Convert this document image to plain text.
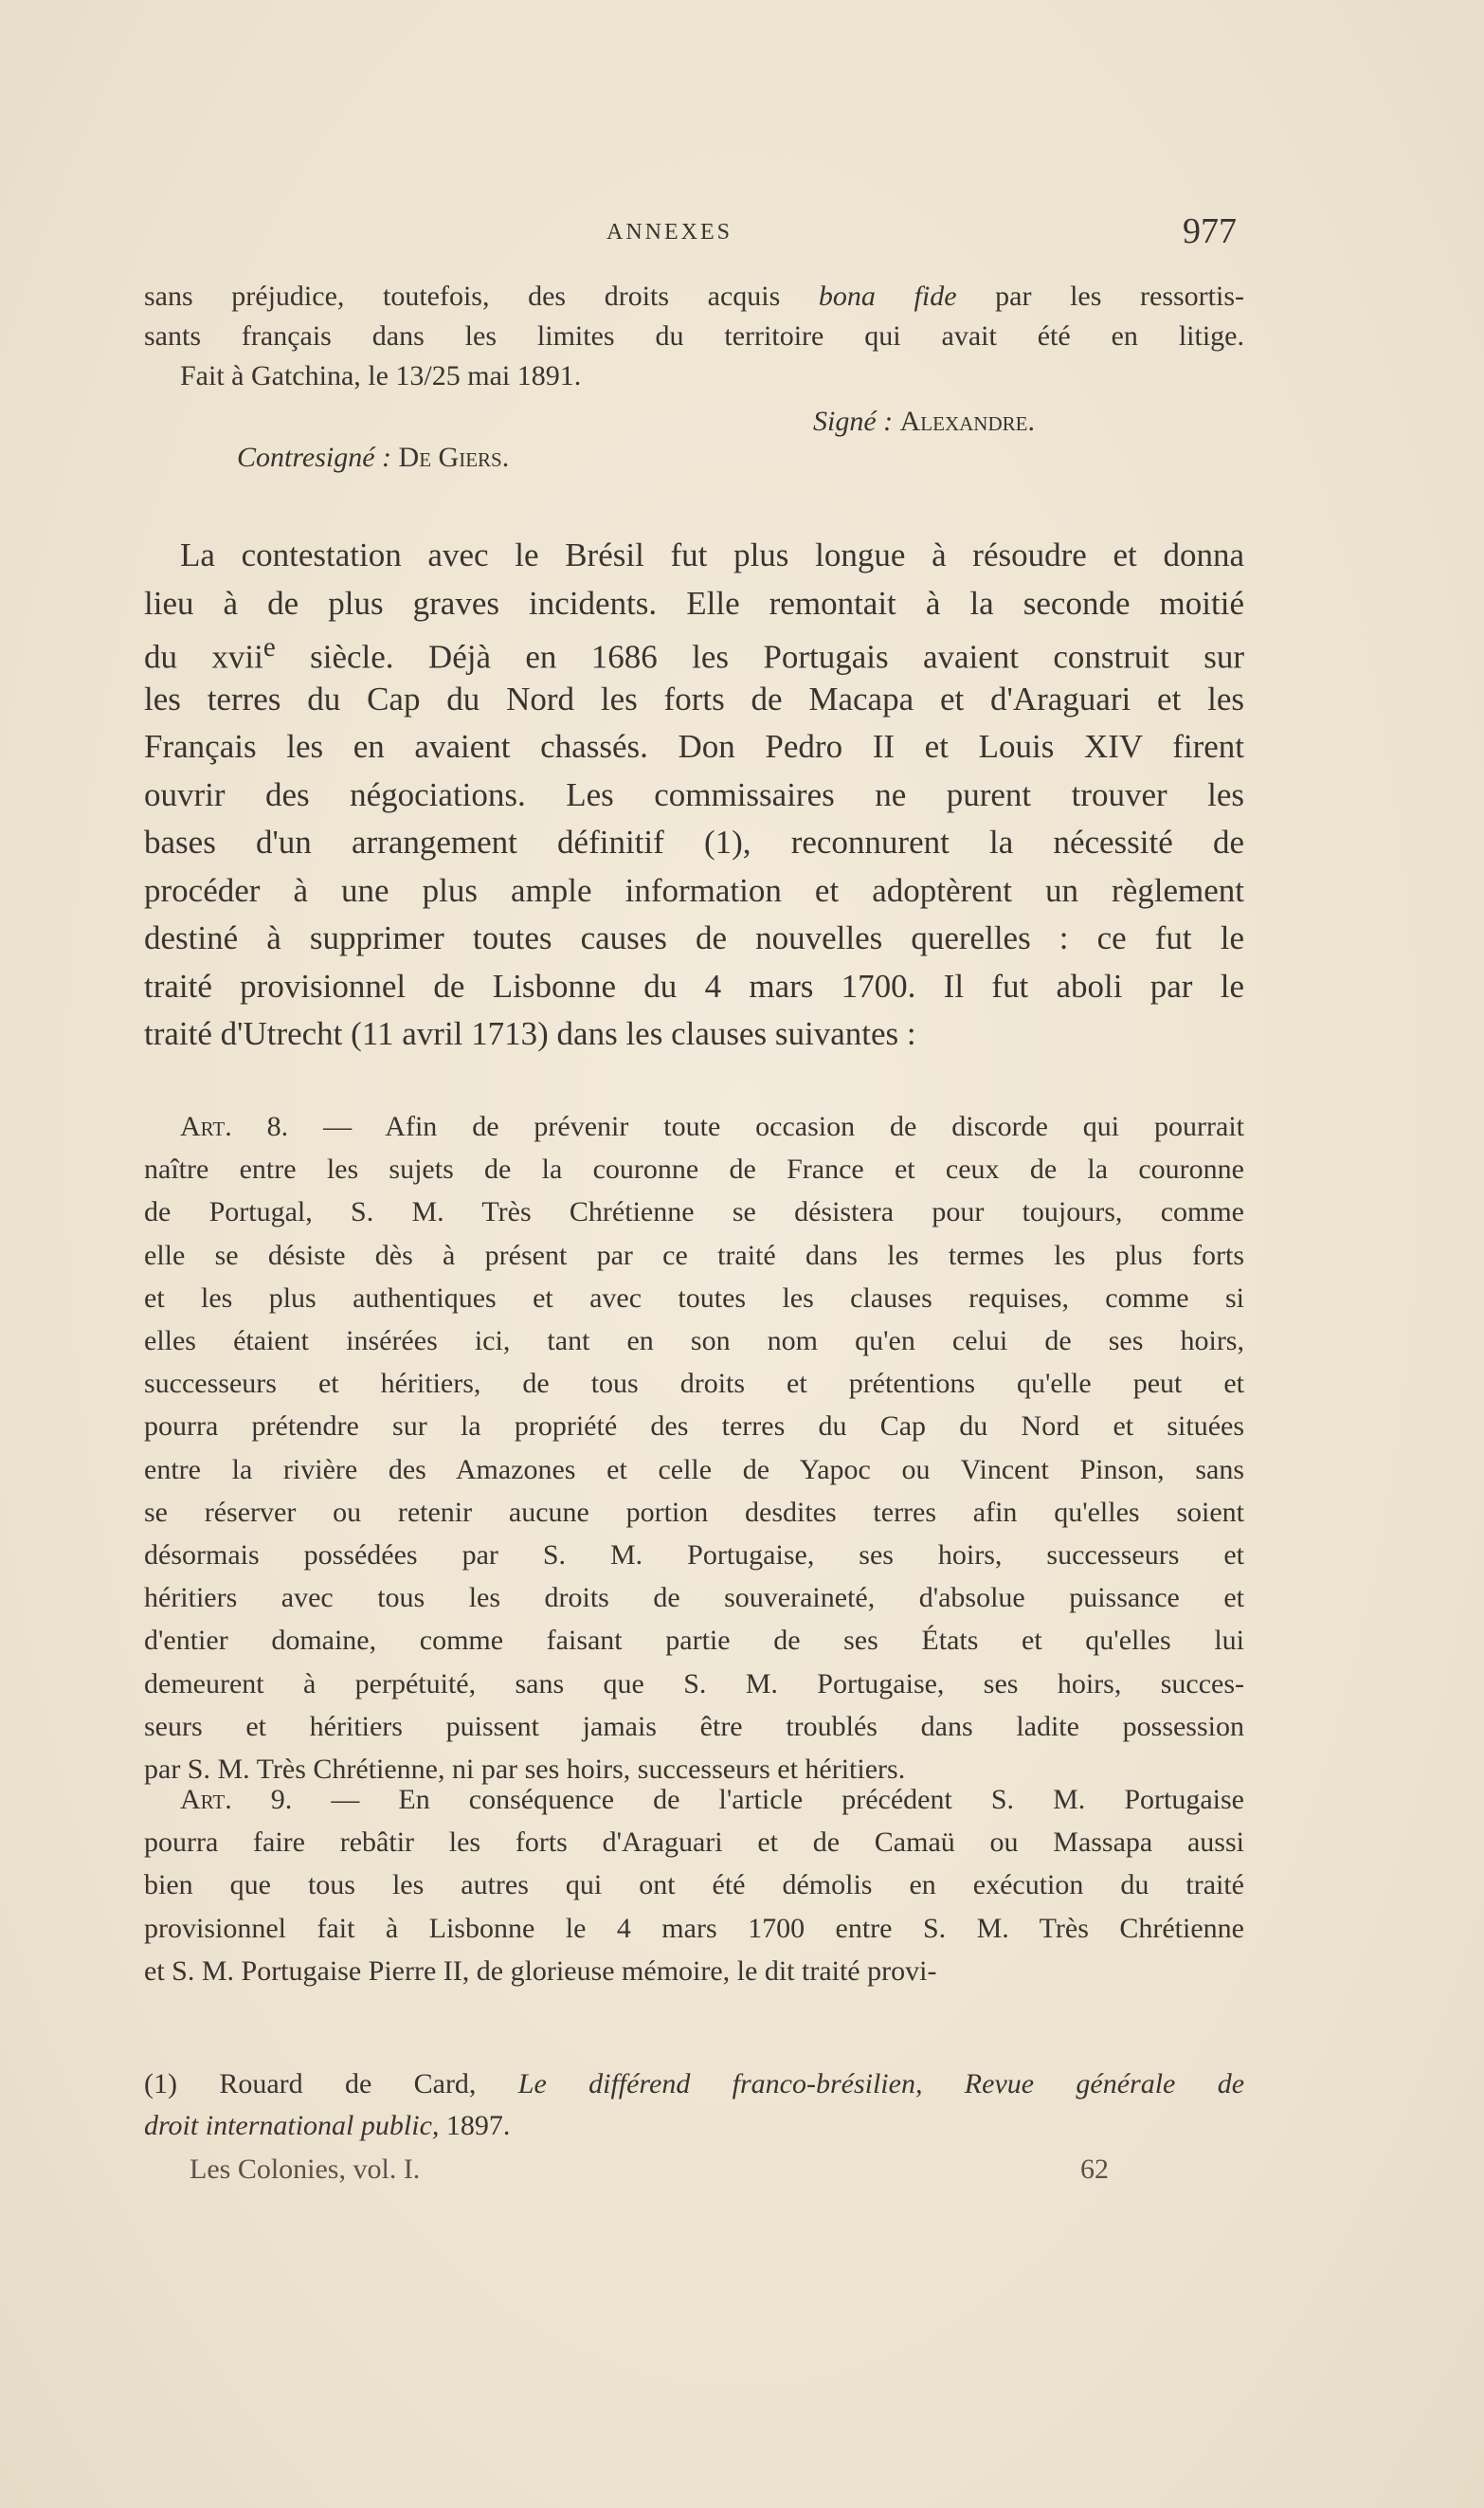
ANNEXES	977
sans préjudice, toutefois, des droits acquis bona fide par les ressortis-
sants français dans les limites du territoire qui avait été en litige.
Fait à Gatchina, le 13/25 mai 1891.
Signé : Alexandre.
Contresigné : De Giers.
La contestation avec le Brésil fut plus longue à résoudre et donna
lieu à de plus graves incidents. Elle remontait à la seconde moitié
du xvii$^e$ siècle. Déjà en 1686 les Portugais avaient construit sur
les terres du Cap du Nord les forts de Macapa et d'Araguari et les
Français les en avaient chassés. Don Pedro II et Louis XIV firent
ouvrir des négociations. Les commissaires ne purent trouver les
bases d'un arrangement définitif (1), reconnurent la nécessité de
procéder à une plus ample information et adoptèrent un règlement
destiné à supprimer toutes causes de nouvelles querelles : ce fut le
traité provisionnel de Lisbonne du 4 mars 1700. Il fut aboli par le
traité d'Utrecht (11 avril 1713) dans les clauses suivantes :
Art. 8. — Afin de prévenir toute occasion de discorde qui pourrait
naître entre les sujets de la couronne de France et ceux de la couronne
de Portugal, S. M. Très Chrétienne se désistera pour toujours, comme
elle se désiste dès à présent par ce traité dans les termes les plus forts
et les plus authentiques et avec toutes les clauses requises, comme si
elles étaient insérées ici, tant en son nom qu'en celui de ses hoirs,
successeurs et héritiers, de tous droits et prétentions qu'elle peut et
pourra prétendre sur la propriété des terres du Cap du Nord et situées
entre la rivière des Amazones et celle de Yapoc ou Vincent Pinson, sans
se réserver ou retenir aucune portion desdites terres afin qu'elles soient
désormais possédées par S. M. Portugaise, ses hoirs, successeurs et
héritiers avec tous les droits de souveraineté, d'absolue puissance et
d'entier domaine, comme faisant partie de ses États et qu'elles lui
demeurent à perpétuité, sans que S. M. Portugaise, ses hoirs, succes-
seurs et héritiers puissent jamais être troublés dans ladite possession
par S. M. Très Chrétienne, ni par ses hoirs, successeurs et héritiers.
Art. 9. — En conséquence de l'article précédent S. M. Portugaise
pourra faire rebâtir les forts d'Araguari et de Camaü ou Massapa aussi
bien que tous les autres qui ont été démolis en exécution du traité
provisionnel fait à Lisbonne le 4 mars 1700 entre S. M. Très Chrétienne
et S. M. Portugaise Pierre II, de glorieuse mémoire, le dit traité provi-
(1) Rouard de Card, Le différend franco-brésilien, Revue générale de
droit international public, 1897.
Les Colonies, vol. I.	62
